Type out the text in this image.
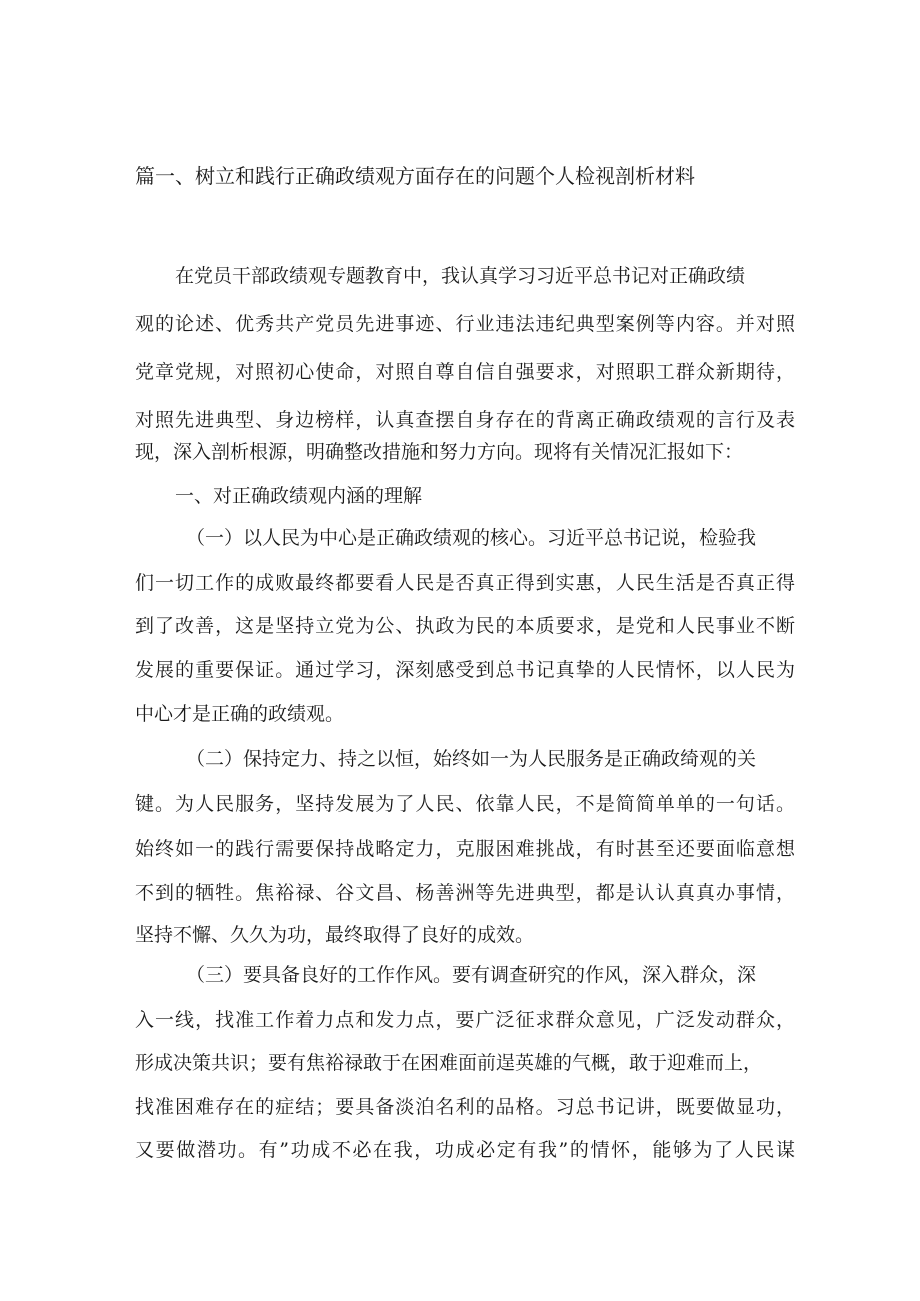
篇一、树立和践行正确政绩观方面存在的问题个人检视剖析材料
在党员干部政绩观专题教育中，我认真学习习近平总书记对正确政绩
观的论述、优秀共产党员先进事迹、行业违法违纪典型案例等内容。并对照
党章党规，对照初心使命，对照自尊自信自强要求，对照职工群众新期待，
对照先进典型、身边榜样，认真查摆自身存在的背离正确政绩观的言行及表
现，深入剖析根源，明确整改措施和努力方向。现将有关情况汇报如下：
一、对正确政绩观内涵的理解
（一）以人民为中心是正确政绩观的核心。习近平总书记说，检验我
们一切工作的成败最终都要看人民是否真正得到实惠，人民生活是否真正得
到了改善，这是坚持立党为公、执政为民的本质要求，是党和人民事业不断
发展的重要保证。通过学习，深刻感受到总书记真挚的人民情怀，以人民为
中心才是正确的政绩观。
（二）保持定力、持之以恒，始终如一为人民服务是正确政绮观的关
键。为人民服务，坚持发展为了人民、依靠人民，不是简简单单的一句话。
始终如一的践行需要保持战略定力，克服困难挑战，有时甚至还要面临意想
不到的牺牲。焦裕禄、谷文昌、杨善洲等先进典型，都是认认真真办事情，
坚持不懈、久久为功，最终取得了良好的成效。
（三）要具备良好的工作作风。要有调查研究的作风，深入群众，深
入一线，找准工作着力点和发力点，要广泛征求群众意见，广泛发动群众，
形成决策共识；要有焦裕禄敢于在困难面前逞英雄的气概，敢于迎难而上，
找准困难存在的症结；要具备淡泊名利的品格。习总书记讲，既要做显功，
又要做潜功。有”功成不必在我，功成必定有我”的情怀，能够为了人民谋
